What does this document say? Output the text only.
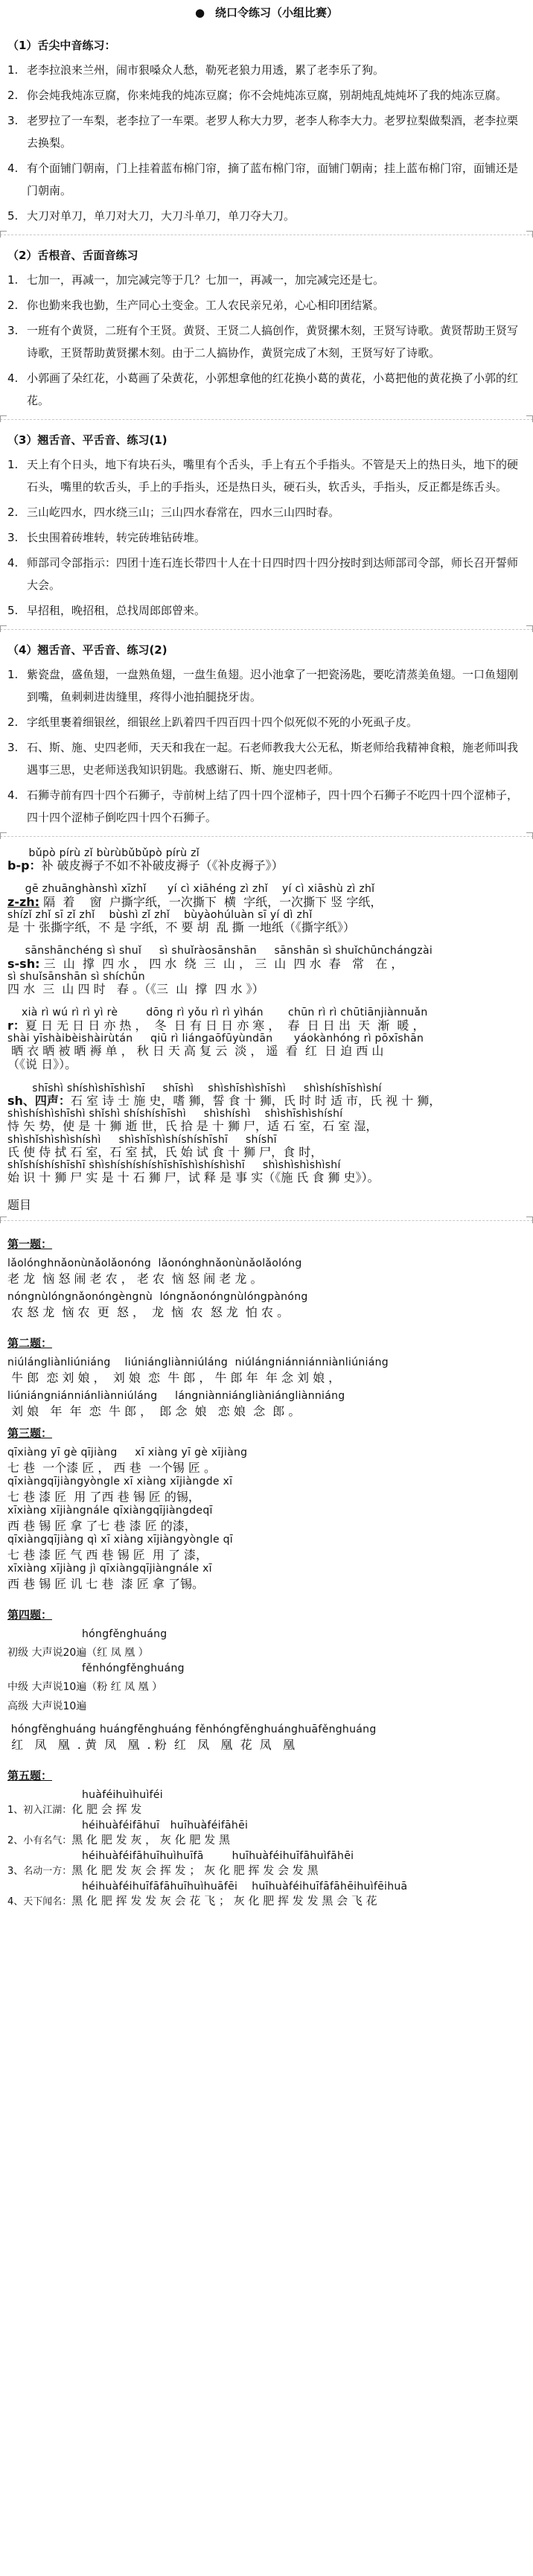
● 绕口令练习（小组比赛）
（1）舌尖中音练习：
1. 老李拉浪来兰州，闹市狠嗓众人愁，勒死老狼力用透，累了老李乐了狗。
2. 你会炖我炖冻豆腐，你来炖我的炖冻豆腐；你不会炖炖冻豆腐，别胡炖乱炖炖坏了我的炖冻豆腐。
3. 老罗拉了一车梨，老李拉了一车栗。老罗人称大力罗，老李人称李大力。老罗拉梨做梨酒，老李拉栗去换梨。
4. 有个面铺门朝南，门上挂着蓝布棉门帘，摘了蓝布棉门帘，面铺门朝南；挂上蓝布棉门帘，面铺还是门朝南。
5. 大刀对单刀，单刀对大刀，大刀斗单刀，单刀夺大刀。
（2）舌根音、舌面音练习
1. 七加一，再减一，加完减完等于几？七加一，再减一，加完减完还是七。
2. 你也勤来我也勤，生产同心土变金。工人农民亲兄弟，心心相印团结紧。
3. 一班有个黄贤，二班有个王贤。黄贤、王贤二人搞创作，黄贤摞木刻，王贤写诗歌。黄贤帮助王贤写诗歌，王贤帮助黄贤摞木刻。由于二人搞协作，黄贤完成了木刻，王贤写好了诗歌。
4. 小郭画了朵红花，小葛画了朵黄花，小郭想拿他的红花换小葛的黄花，小葛把他的黄花换了小郭的红花。
（3）翘舌音、平舌音、练习(1)
1. 天上有个日头，地下有块石头，嘴里有个舌头，手上有五个手指头。不管是天上的热日头，地下的硬石头，嘴里的软舌头，手上的手指头，还是热日头，硬石头，软舌头，手指头，反正都是练舌头。
2. 三山屹四水，四水绕三山；三山四水春常在，四水三山四时春。
3. 长虫围着砖堆转，转完砖堆钻砖堆。
4. 师部司令部指示：四团十连石连长带四十人在十日四时四十四分按时到达师部司令部，师长召开誓师大会。
5. 早招租，晚招租，总找周郎郎曾来。
（4）翘舌音、平舌音、练习(2)
1. 紫瓷盘，盛鱼翅，一盘熟鱼翅，一盘生鱼翅。迟小池拿了一把瓷汤匙，要吃清蒸美鱼翅。一口鱼翅刚到嘴，鱼刺刺进齿缝里，疼得小池拍腿挠牙齿。
2. 字纸里裹着细银丝，细银丝上趴着四千四百四十四个似死似不死的小死虱子皮。
3. 石、斯、施、史四老师，天天和我在一起。石老师教我大公无私，斯老师给我精神食粮，施老师叫我遇事三思，史老师送我知识钥匙。我感谢石、斯、施史四老师。
4. 石狮寺前有四十四个石狮子，寺前树上结了四十四个涩柿子，四十四个石狮子不吃四十四个涩柿子，四十四个涩柿子倒吃四十四个石狮子。
bǔpò pírù zǐ bùrùbǔbǔpò pírù zǐ
b-p：补 破皮褥子不如不补破皮褥子（《补皮褥子》）
gē zhuānghànshì xīzhǐ      yí cì xiāhéng zì zhǐ    yí cì xiāshù zì zhǐ
z-zh: 隔  着    窗  户撕字纸，一次撕下  横  字纸，一次撕下 竖 字纸，
shízǐ zhǐ sī zǐ zhǐ    bùshì zǐ zhǐ    bùyàohúluàn sī yí dì zhǐ
是 十 张撕字纸，不 是 字纸，不 要 胡  乱 撕 一地纸（《撕字纸》）
sānshānchéng sì shuǐ     sì shuǐràosānshān     sānshān sì shuǐchūnchángzài
s-sh: 三  山  撑  四 水 ， 四 水  绕  三  山 ， 三  山  四 水  春   常   在 ，
sì shuǐsānshān sì shíchūn
四 水  三  山 四 时   春 。（《三  山  撑  四 水 》）
xià rì wú rì rì yì rè        dōng rì yǒu rì rì yìhán       chūn rì rì chūtiānjiànnuǎn
r：夏 日 无 日 日 亦 热 ，  冬  日 有 日 日 亦 寒 ，  春  日 日 出  天  渐  暖 ，
shài yīshàibèishàirùtán     qiū rì liángaōfūyùndān      yáokànhóng rì pōxīshān
晒 衣 晒 被 晒 褥 单 ， 秋 日 天 高 复 云  淡 ， 遥  看  红  日 迫 西 山
（《说 日》）。
shīshì shíshìshīshìshī     shīshì    shìshīshìshīshì     shìshíshīshìshí
sh、四声：石 室 诗 士 施 史，嗜 狮，誓 食 十 狮，氏 时 时 适 市，氏 视 十 狮，
shìshíshìshīshì shǐshì shíshíshīshì     shìshíshì    shìshīshìshíshí
恃 矢 势，使 是 十 狮 逝 世，氏 拾 是 十 狮 尸，适 石 室，石 室 湿，
shìshǐshìshìshíshì     shìshǐshìshíshíshīshī     shíshī
氏 使 侍 拭 石 室，石 室 拭，氏 始 试 食 十 狮 尸，食 时，
shǐshíshíshīshī shìshíshíshíshīshīshìshíshìshī     shìshìshìshìshí
始 识 十 狮 尸 实 是 十 石 狮 尸，试 释 是 事 实（《施 氏 食 狮 史》）。
题目
第一题：
lǎolónghnǎonùnǎolǎonóng  lǎonónghnǎonùnǎolǎolóng
老 龙  恼 怒 闹 老 农 ， 老 农  恼 怒 闹 老 龙 。
nóngnùlóngnǎonóngèngnù  lóngnǎonóngnùlóngpànóng
农 怒 龙  恼 农  更  怒 ，  龙  恼  农  怒 龙  怕 农 。
第二题：
niúlángliànliúniáng    liúniángliànniúláng  niúlángniánniánniànliúniáng
牛 郎  恋 刘 娘 ，  刘 娘  恋  牛 郎 ， 牛 郎 年  年 念 刘 娘 ，
liúniángniánniánliànniúláng     lángniànniángliàniángliànniáng
刘 娘   年  年  恋  牛 郎 ，  郎 念  娘   恋 娘  念  郎 。
第三题：
qīxiàng yī gè qījiàng     xī xiàng yī gè xījiàng
七 巷  一个漆 匠 ， 西 巷  一个锡 匠 。
qīxiàngqījiàngyòngle xī xiàng xījiàngde xī
七 巷 漆 匠  用 了西 巷 锡 匠 的锡，
xīxiàng xījiàngnále qīxiàngqījiàngdeqī
西 巷 锡 匠 拿 了七 巷 漆 匠 的漆，
qīxiàngqījiàng qì xī xiàng xījiàngyòngle qī
七 巷 漆 匠 气 西 巷 锡 匠  用 了 漆，
xīxiàng xījiàng jì qīxiàngqījiàngnále xī
西 巷 锡 匠 讥 七 巷  漆 匠 拿 了锡。
第四题：
hóngfěnghuáng
初级 大声说20遍（红 凤 凰 ）
fěnhóngfěnghuáng
中级 大声说10遍（粉 红 凤 凰 ）
高级 大声说10遍
hóngfěnghuáng huángfěnghuáng fěnhóngfěnghuánghuāfěnghuáng
红   凤   凰  . 黄  凤   凰  . 粉  红   凤   凰  花  凤   凰
第五题：
huàféihuìhuìféi
1、初入江湖：化 肥 会 挥 发
héihuàféifāhuī   huīhuàféifāhēi
2、小有名气：黑 化 肥 发 灰 ， 灰 化 肥 发 黑
héihuàféifāhuīhuìhuīfā        huīhuàféihuīfāhuìfāhēi
3、名动一方：黑 化 肥 发 灰 会 挥 发 ； 灰 化 肥 挥 发 会 发 黑
héihuàféihuīfāfāhuīhuìhuāfēi    huīhuàféihuīfāfāhēihuìfēihuā
4、天下闻名：黑 化 肥 挥 发 发 灰 会 花 飞 ； 灰 化 肥 挥 发 发 黑 会 飞 花
